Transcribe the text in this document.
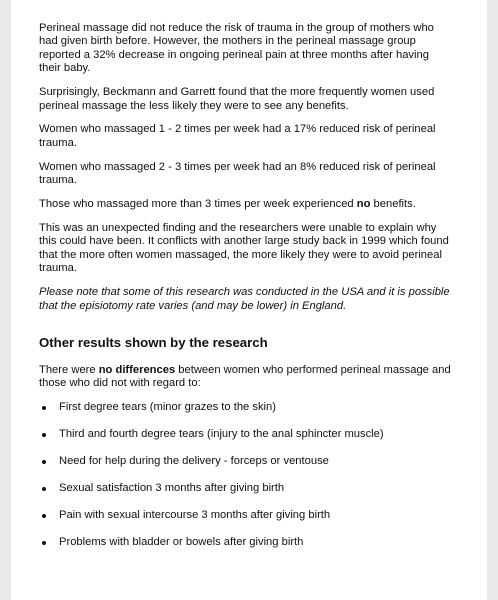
Perineal massage did not reduce the risk of trauma in the group of mothers who had given birth before. However, the mothers in the perineal massage group reported a 32% decrease in ongoing perineal pain at three months after having their baby.

Surprisingly, Beckmann and Garrett found that the more frequently women used perineal massage the less likely they were to see any benefits.

Women who massaged 1 - 2 times per week had a 17% reduced risk of perineal trauma.

Women who massaged 2 - 3 times per week had an 8% reduced risk of perineal trauma.

Those who massaged more than 3 times per week experienced no benefits.

This was an unexpected finding and the researchers were unable to explain why this could have been. It conflicts with another large study back in 1999 which found that the more often women massaged, the more likely they were to avoid perineal trauma.

Please note that some of this research was conducted in the USA and it is possible that the episiotomy rate varies (and may be lower) in England.

Other results shown by the research

There were no differences between women who performed perineal massage and those who did not with regard to:

First degree tears (minor grazes to the skin)
Third and fourth degree tears (injury to the anal sphincter muscle)
Need for help during the delivery - forceps or ventouse
Sexual satisfaction 3 months after giving birth
Pain with sexual intercourse 3 months after giving birth
Problems with bladder or bowels after giving birth
